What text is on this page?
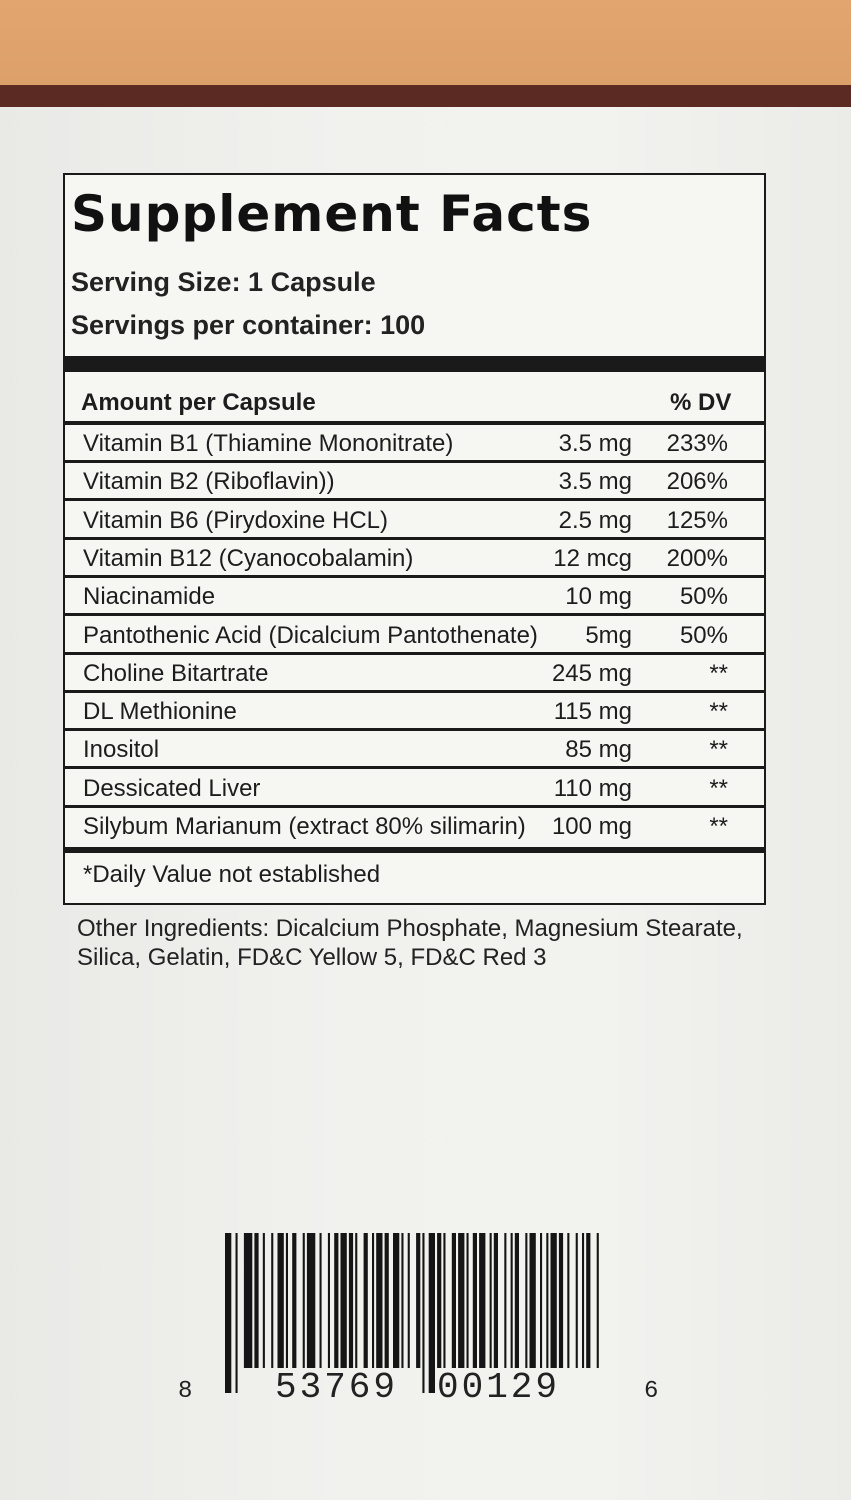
Supplement Facts
Serving Size: 1 Capsule
Servings per container: 100
Amount per Capsule	% DV
Vitamin B1 (Thiamine Mononitrate)	3.5 mg 233%
Vitamin B2 (Riboflavin))	3.5 mg 206%
Vitamin B6 (Pirydoxine HCL)	2.5 mg 125%
Vitamin B12 (Cyanocobalamin)	12 mcg 200%
Niacinamide	10 mg 50%
Pantothenic Acid (Dicalcium Pantothenate) 5mg 50%
Choline Bitartrate	245 mg	**
DL Methionine	115 mg	**
Inositol	85 mg	**
Dessicated Liver	110 mg	**
Silybum Marianum (extract 80% silimarin) 100 mg	**
*Daily Value not established
Other Ingredients: Dicalcium Phosphate, Magnesium Stearate, Silica, Gelatin, FD&C Yellow 5, FD&C Red 3
8 53769 00129	6
